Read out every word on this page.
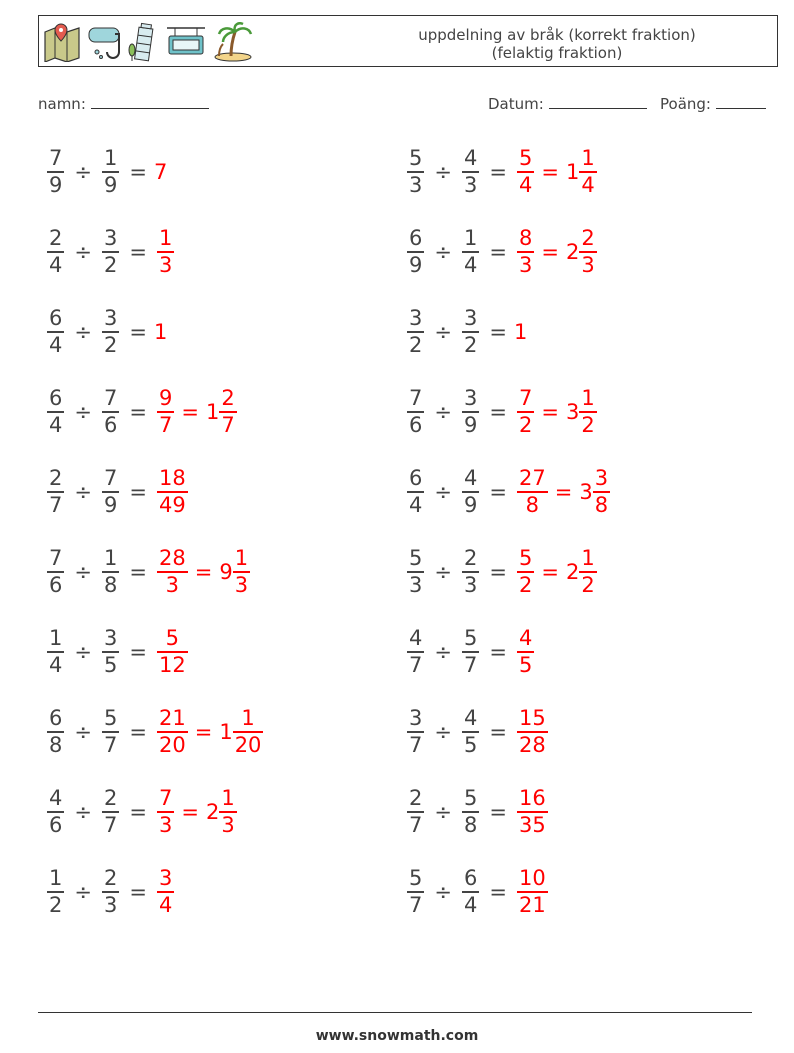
uppdelning av bråk (korrekt fraktion)
(felaktig fraktion)
namn:	Datum:	Poäng:
$\frac{7}{9} \div \frac{1}{9} = 7$	$\frac{5}{3} \div \frac{4}{3} = \frac{5}{4} = 1 \frac{1}{4}$
$\frac{2}{4} \div \frac{3}{2} = \frac{1}{3}$	$\frac{6}{9} \div \frac{1}{4} = \frac{8}{3} = 2 \frac{2}{3}$
$\frac{6}{4} \div \frac{3}{2} = 1$	$\frac{3}{2} \div \frac{3}{2} = 1$
$\frac{6}{4} \div \frac{7}{6} = \frac{9}{7} = 1 \frac{2}{7}$	$\frac{7}{6} \div \frac{3}{9} = \frac{7}{2} = 3 \frac{1}{2}$
$\frac{2}{7} \div \frac{7}{9} = \frac{18}{49}$	$\frac{6}{4} \div \frac{4}{9} = \frac{27}{8} = 3 \frac{3}{8}$
$\frac{7}{6} \div \frac{1}{8} = \frac{28}{3} = 9 \frac{1}{3}$	$\frac{5}{3} \div \frac{2}{3} = \frac{5}{2} = 2 \frac{1}{2}$
$\frac{1}{4} \div \frac{3}{5} = \frac{5}{12}$	$\frac{4}{7} \div \frac{5}{7} = \frac{4}{5}$
$\frac{6}{8} \div \frac{5}{7} = \frac{21}{20} = 1 \frac{1}{20}$	$\frac{3}{7} \div \frac{4}{5} = \frac{15}{28}$
$\frac{4}{6} \div \frac{2}{7} = \frac{7}{3} = 2 \frac{1}{3}$	$\frac{2}{7} \div \frac{5}{8} = \frac{16}{35}$
$\frac{1}{2} \div \frac{2}{3} = \frac{3}{4}$	$\frac{5}{7} \div \frac{6}{4} = \frac{10}{21}$
www.snowmath.com
